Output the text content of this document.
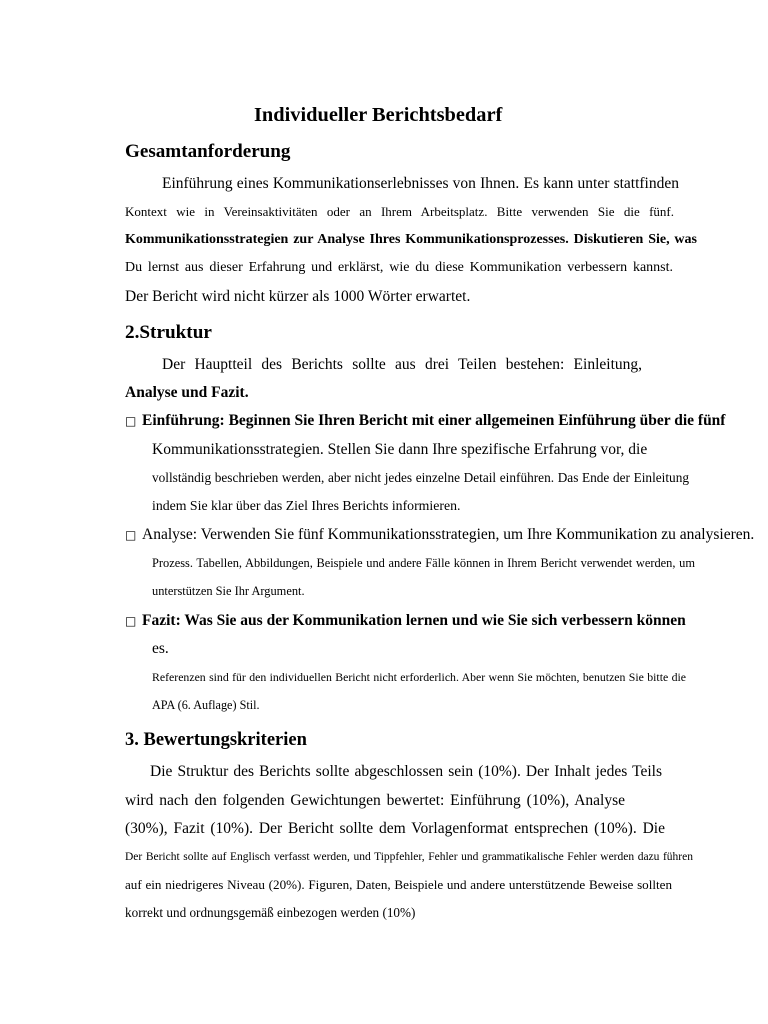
Individueller Berichtsbedarf
Gesamtanforderung
Einführung eines Kommunikationserlebnisses von Ihnen. Es kann unter stattfinden
Kontext wie in Vereinsaktivitäten oder an Ihrem Arbeitsplatz. Bitte verwenden Sie die fünf.
Kommunikationsstrategien zur Analyse Ihres Kommunikationsprozesses. Diskutieren Sie, was
Du lernst aus dieser Erfahrung und erklärst, wie du diese Kommunikation verbessern kannst.
Der Bericht wird nicht kürzer als 1000 Wörter erwartet.
2.Struktur
Der Hauptteil des Berichts sollte aus drei Teilen bestehen: Einleitung,
Analyse und Fazit.
□ Einführung: Beginnen Sie Ihren Bericht mit einer allgemeinen Einführung über die fünf
Kommunikationsstrategien. Stellen Sie dann Ihre spezifische Erfahrung vor, die
vollständig beschrieben werden, aber nicht jedes einzelne Detail einführen. Das Ende der Einleitung
indem Sie klar über das Ziel Ihres Berichts informieren.
□ Analyse: Verwenden Sie fünf Kommunikationsstrategien, um Ihre Kommunikation zu analysieren.
Prozess. Tabellen, Abbildungen, Beispiele und andere Fälle können in Ihrem Bericht verwendet werden, um
unterstützen Sie Ihr Argument.
□ Fazit: Was Sie aus der Kommunikation lernen und wie Sie sich verbessern können
es.
Referenzen sind für den individuellen Bericht nicht erforderlich. Aber wenn Sie möchten, benutzen Sie bitte die
APA (6. Auflage) Stil.
3. Bewertungskriterien
Die Struktur des Berichts sollte abgeschlossen sein (10%). Der Inhalt jedes Teils
wird nach den folgenden Gewichtungen bewertet: Einführung (10%), Analyse
(30%), Fazit (10%). Der Bericht sollte dem Vorlagenformat entsprechen (10%). Die
Der Bericht sollte auf Englisch verfasst werden, und Tippfehler, Fehler und grammatikalische Fehler werden dazu führen
auf ein niedrigeres Niveau (20%). Figuren, Daten, Beispiele und andere unterstützende Beweise sollten
korrekt und ordnungsgemäß einbezogen werden (10%)
